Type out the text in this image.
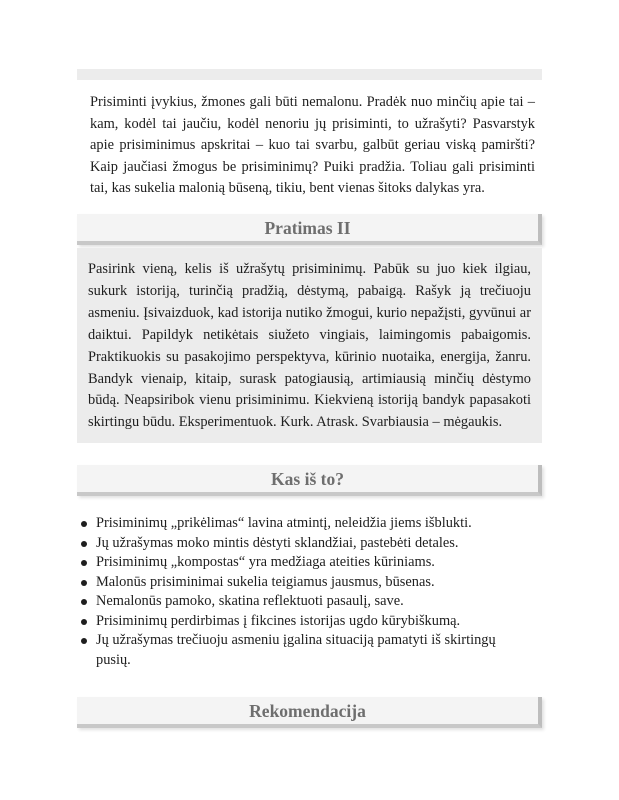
Prisiminti įvykius, žmones gali būti nemalonu. Pradėk nuo minčių apie tai – kam, kodėl tai jaučiu, kodėl nenoriu jų prisiminti, to užrašyti? Pasvarstyk apie prisiminimus apskritai – kuo tai svarbu, galbūt geriau viską pamiršti? Kaip jaučiasi žmogus be prisiminimų? Puiki pradžia. Toliau gali prisiminti tai, kas sukelia malonią būseną, tikiu, bent vienas šitoks dalykas yra.

Pratimas II

Pasirink vieną, kelis iš užrašytų prisiminimų. Pabūk su juo kiek ilgiau, sukurk istoriją, turinčią pradžią, dėstymą, pabaigą. Rašyk ją trečiuoju asmeniu. Įsivaizduok, kad istorija nutiko žmogui, kurio nepažįsti, gyvūnui ar daiktui. Papildyk netikėtais siužeto vingiais, laimingomis pabaigomis. Praktikuokis su pasakojimo perspektyva, kūrinio nuotaika, energija, žanru. Bandyk vienaip, kitaip, surask patogiausią, artimiausią minčių dėstymo būdą. Neapsiribok vienu prisiminimu. Kiekvieną istoriją bandyk papasakoti skirtingu būdu. Eksperimentuok. Kurk. Atrask. Svarbiausia – mėgaukis.

Kas iš to?
Prisiminimų „prikėlimas“ lavina atmintį, neleidžia jiems išblukti.
Jų užrašymas moko mintis dėstyti sklandžiai, pastebėti detales.
Prisiminimų „kompostas“ yra medžiaga ateities kūriniams.
Malonūs prisiminimai sukelia teigiamus jausmus, būsenas.
Nemalonūs pamoko, skatina reflektuoti pasaulį, save.
Prisiminimų perdirbimas į fikcines istorijas ugdo kūrybiškumą.
Jų užrašymas trečiuoju asmeniu įgalina situaciją pamatyti iš skirtingų pusių.
Rekomendacija
